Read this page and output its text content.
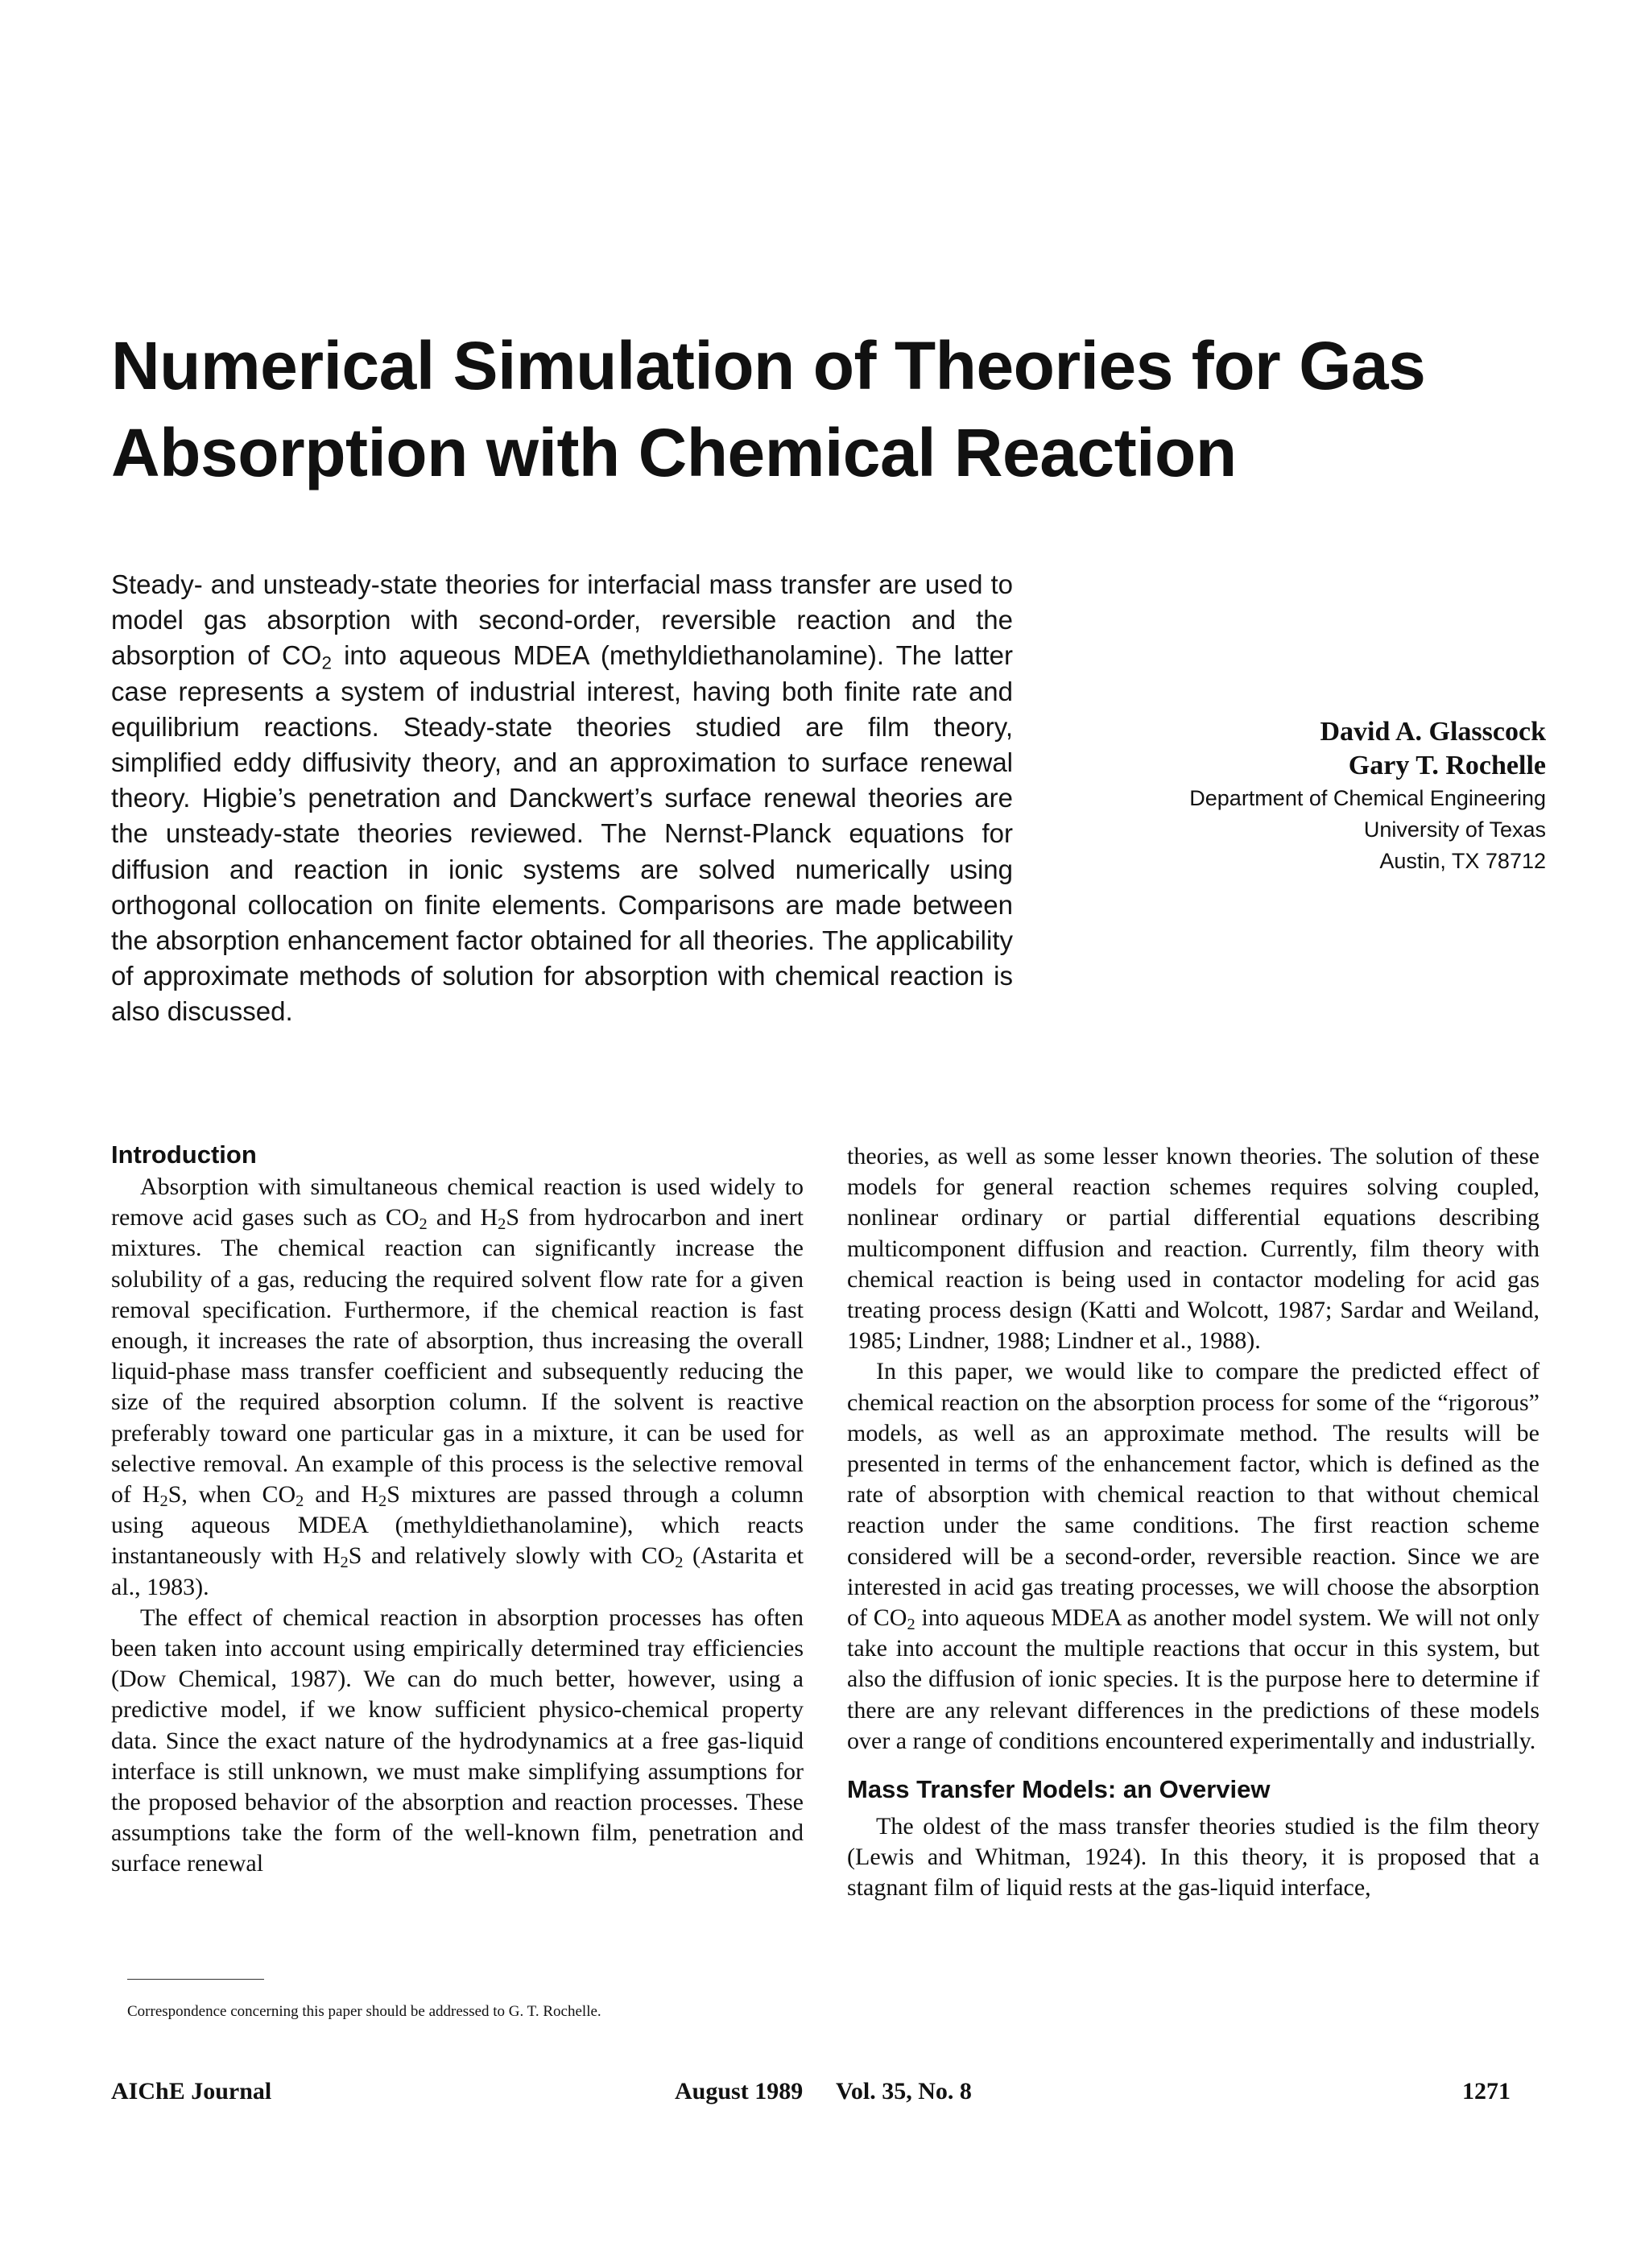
Numerical Simulation of Theories for Gas
Absorption with Chemical Reaction

Steady- and unsteady-state theories for interfacial mass transfer are used to model gas absorption with second-order, reversible reaction and the absorption of $CO_2$ into aqueous MDEA (methyldiethanolamine). The latter case represents a system of industrial interest, having both finite rate and equilibrium reactions. Steady-state theories studied are film theory, simplified eddy diffusivity theory, and an approximation to surface renewal theory. Higbie’s penetration and Danckwert’s surface renewal theories are the unsteady-state theories reviewed. The Nernst-Planck equations for diffusion and reaction in ionic systems are solved numerically using orthogonal collocation on finite elements. Comparisons are made between the absorption enhancement factor obtained for all theories. The applicability of approximate methods of solution for absorption with chemical reaction is also discussed.

David A. Glasscock
Gary T. Rochelle
Department of Chemical Engineering
University of Texas
Austin, TX 78712
Introduction

Absorption with simultaneous chemical reaction is used widely to remove acid gases such as $CO_2$ and $H_2S$ from hydrocarbon and inert mixtures. The chemical reaction can significantly increase the solubility of a gas, reducing the required solvent flow rate for a given removal specification. Furthermore, if the chemical reaction is fast enough, it increases the rate of absorption, thus increasing the overall liquid-phase mass transfer coefficient and subsequently reducing the size of the required absorption column. If the solvent is reactive preferably toward one particular gas in a mixture, it can be used for selective removal. An example of this process is the selective removal of $H_2S$, when $CO_2$ and $H_2S$ mixtures are passed through a column using aqueous MDEA (methyldiethanolamine), which reacts instantaneously with $H_2S$ and relatively slowly with $CO_2$ (Astarita et al., 1983).

The effect of chemical reaction in absorption processes has often been taken into account using empirically determined tray efficiencies (Dow Chemical, 1987). We can do much better, however, using a predictive model, if we know sufficient physico-chemical property data. Since the exact nature of the hydrodynamics at a free gas-liquid interface is still unknown, we must make simplifying assumptions for the proposed behavior of the absorption and reaction processes. These assumptions take the form of the well-known film, penetration and surface renewal

theories, as well as some lesser known theories. The solution of these models for general reaction schemes requires solving coupled, nonlinear ordinary or partial differential equations describing multicomponent diffusion and reaction. Currently, film theory with chemical reaction is being used in contactor modeling for acid gas treating process design (Katti and Wolcott, 1987; Sardar and Weiland, 1985; Lindner, 1988; Lindner et al., 1988).

In this paper, we would like to compare the predicted effect of chemical reaction on the absorption process for some of the “rigorous” models, as well as an approximate method. The results will be presented in terms of the enhancement factor, which is defined as the rate of absorption with chemical reaction to that without chemical reaction under the same conditions. The first reaction scheme considered will be a second-order, reversible reaction. Since we are interested in acid gas treating processes, we will choose the absorption of $CO_2$ into aqueous MDEA as another model system. We will not only take into account the multiple reactions that occur in this system, but also the diffusion of ionic species. It is the purpose here to determine if there are any relevant differences in the predictions of these models over a range of conditions encountered experimentally and industrially.

Mass Transfer Models: an Overview

The oldest of the mass transfer theories studied is the film theory (Lewis and Whitman, 1924). In this theory, it is proposed that a stagnant film of liquid rests at the gas-liquid interface,

Correspondence concerning this paper should be addressed to G. T. Rochelle.
AIChE Journal	August 1989 Vol. 35, No. 8	1271
